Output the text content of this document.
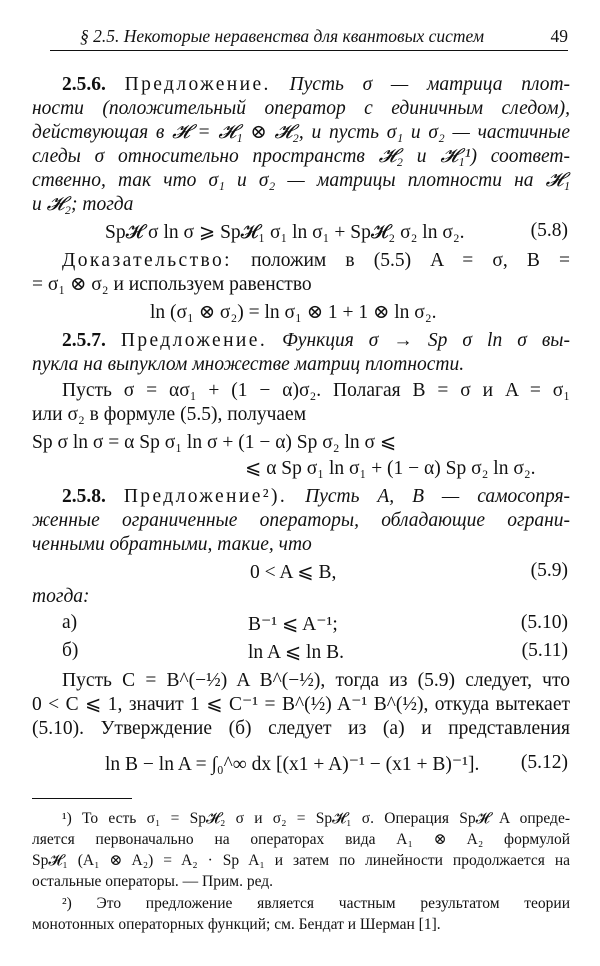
§ 2.5. Некоторые неравенства для квантовых систем	49
2.5.6. Предложение. Пусть σ — матрица плот-
ности (положительный оператор с единичным следом),
действующая в 𝓗 = 𝓗₁ ⊗ 𝓗₂, и пусть σ₁ и σ₂ — частичные
следы σ относительно пространств 𝓗₂ и 𝓗₁¹) соответ-
ственно, так что σ₁ и σ₂ — матрицы плотности на 𝓗₁
и 𝓗₂; тогда
Sp𝓗 σ ln σ ⩾ Sp𝓗₁ σ₁ ln σ₁ + Sp𝓗₂ σ₂ ln σ₂.	(5.8)
Доказательство: положим в (5.5) A = σ, B =
= σ₁ ⊗ σ₂ и используем равенство
ln (σ₁ ⊗ σ₂) = ln σ₁ ⊗ 1 + 1 ⊗ ln σ₂.
2.5.7. Предложение. Функция σ → Sp σ ln σ вы-
пукла на выпуклом множестве матриц плотности.
Пусть σ = ασ₁ + (1 − α)σ₂. Полагая B = σ и A = σ₁
или σ₂ в формуле (5.5), получаем
Sp σ ln σ = α Sp σ₁ ln σ + (1 − α) Sp σ₂ ln σ ⩽
⩽ α Sp σ₁ ln σ₁ + (1 − α) Sp σ₂ ln σ₂.
2.5.8. Предложение²). Пусть A, B — самосопря-
женные ограниченные операторы, обладающие ограни-
ченными обратными, такие, что
0 < A ⩽ B,	(5.9)
тогда:
а)	B⁻¹ ⩽ A⁻¹;	(5.10)
б)	ln A ⩽ ln B.	(5.11)
Пусть C = B^(−½) A B^(−½), тогда из (5.9) следует, что
0 < C ⩽ 1, значит 1 ⩽ C⁻¹ = B^(½) A⁻¹ B^(½), откуда вытекает
(5.10). Утверждение (б) следует из (а) и представления
ln B − ln A = ∫₀^∞ dx [(x1 + A)⁻¹ − (x1 + B)⁻¹]. (5.12)
¹) То есть σ₁ = Sp𝓗₂ σ и σ₂ = Sp𝓗₁ σ. Операция Sp𝓗 A опреде-
ляется первоначально на операторах вида A₁ ⊗ A₂ формулой
Sp𝓗₁ (A₁ ⊗ A₂) = A₂ · Sp A₁ и затем по линейности продолжается на
остальные операторы. — Прим. ред.
²) Это предложение является частным результатом теории
монотонных операторных функций; см. Бендат и Шерман [1].
